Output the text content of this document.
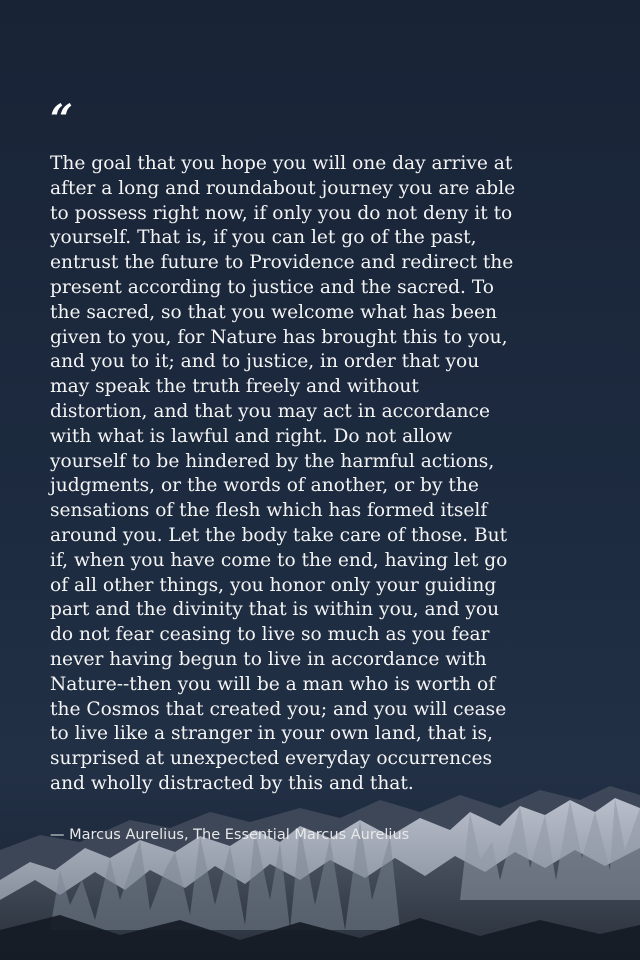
“

The goal that you hope you will one day arrive at
after a long and roundabout journey you are able
to possess right now, if only you do not deny it to
yourself. That is, if you can let go of the past,
entrust the future to Providence and redirect the
present according to justice and the sacred. To
the sacred, so that you welcome what has been
given to you, for Nature has brought this to you,
and you to it; and to justice, in order that you
may speak the truth freely and without
distortion, and that you may act in accordance
with what is lawful and right. Do not allow
yourself to be hindered by the harmful actions,
judgments, or the words of another, or by the
sensations of the flesh which has formed itself
around you. Let the body take care of those. But
if, when you have come to the end, having let go
of all other things, you honor only your guiding
part and the divinity that is within you, and you
do not fear ceasing to live so much as you fear
never having begun to live in accordance with
Nature--then you will be a man who is worth of
the Cosmos that created you; and you will cease
to live like a stranger in your own land, that is,
surprised at unexpected everyday occurrences
and wholly distracted by this and that.

— Marcus Aurelius, The Essential Marcus Aurelius
